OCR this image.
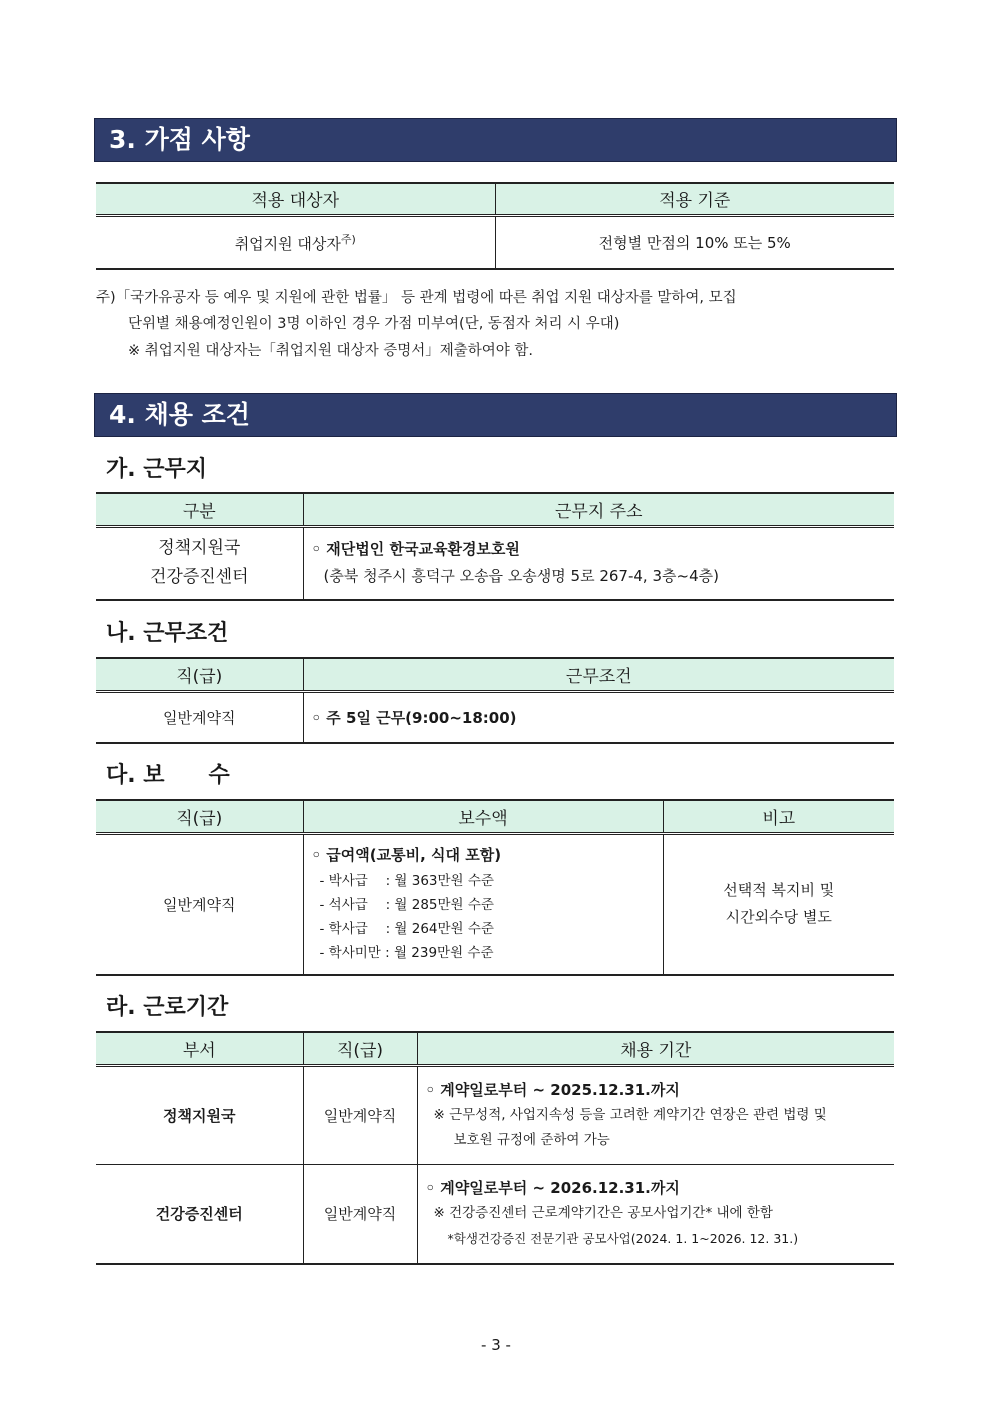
3. 가점 사항
적용 대상자	적용 기준
취업지원 대상자$^{주)}$	전형별 만점의 10% 또는 5%
주)「국가유공자 등 예우 및 지원에 관한 법률」 등 관계 법령에 따른 취업 지원 대상자를 말하여, 모집
단위별 채용예정인원이 3명 이하인 경우 가점 미부여(단, 동점자 처리 시 우대)
※ 취업지원 대상자는「취업지원 대상자 증명서」제출하여야 함.
4. 채용 조건
가. 근무지
구분	근무지 주소

정책지원국
건강증진센터	◦ 재단법인 한국교육환경보호원
(충북 청주시 흥덕구 오송읍 오송생명 5로 267-4, 3층~4층)
나. 근무조건
직(급)	근무조건
일반계약직	◦ 주 5일 근무(9:00~18:00)
다. 보　　수
직(급)	보수액	비고
일반계약직	◦ 급여액(교통비, 식대 포함)
- 박사급　 : 월 363만원 수준
- 석사급　 : 월 285만원 수준
- 학사급　 : 월 264만원 수준
- 학사미만 : 월 239만원 수준	선택적 복지비 및
시간외수당 별도
라. 근로기간
부서	직(급)	채용 기간
정책지원국	일반계약직	◦ 계약일로부터 ~ 2025.12.31.까지
※ 근무성적, 사업지속성 등을 고려한 계약기간 연장은 관련 법령 및
보호원 규정에 준하여 가능

건강증진센터	일반계약직	◦ 계약일로부터 ~ 2026.12.31.까지
※ 건강증진센터 근로계약기간은 공모사업기간* 내에 한함
*학생건강증진 전문기관 공모사업(2024. 1. 1~2026. 12. 31.)
- 3 -
